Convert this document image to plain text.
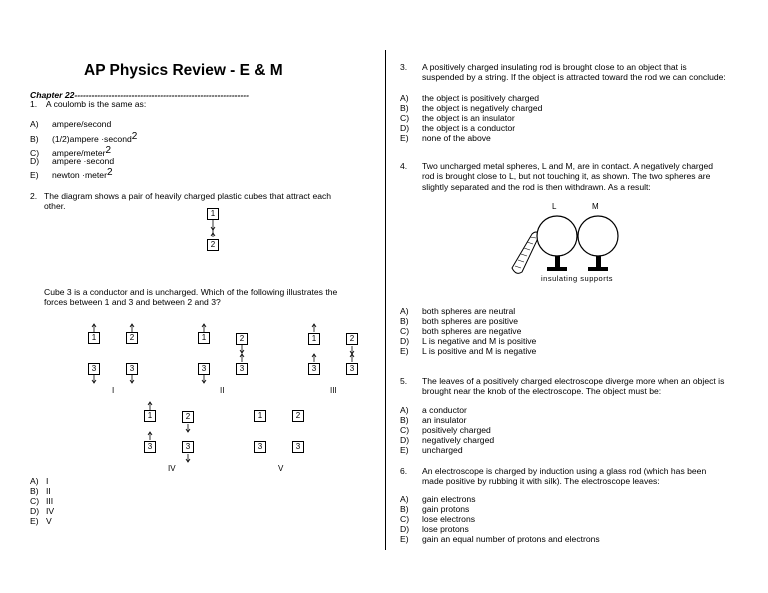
AP Physics Review - E & M
Chapter 22-------------------------------------------------------------
1. A coulomb is the same as:
A) ampere/second
B) (1/2)ampere ·second$^2$
C) ampere/meter$^2$
D) ampere ·second
E) newton ·meter$^2$
2. The diagram shows a pair of heavily charged plastic cubes that attract each
other.
1
2
Cube 3 is a conductor and is uncharged. Which of the following illustrates the
forces between 1 and 3 and between 2 and 3?
1	2
3	3
I
1	2
3	3
II
1	2
3	3
III
1	2
3	3
IV
1	2
3	3
V
A) I
B) II
C) III
D) IV
E) V
3. A positively charged insulating rod is brought close to an object that is
suspended by a string. If the object is attracted toward the rod we can conclude:
A) the object is positively charged
B) the object is negatively charged
C) the object is an insulator
D) the object is a conductor
E) none of the above
4. Two uncharged metal spheres, L and M, are in contact. A negatively charged
rod is brought close to L, but not touching it, as shown. The two spheres are
slightly separated and the rod is then withdrawn. As a result:
L	M
insulating supports
A) both spheres are neutral
B) both spheres are positive
C) both spheres are negative
D) L is negative and M is positive
E) L is positive and M is negative
5. The leaves of a positively charged electroscope diverge more when an object is
brought near the knob of the electroscope. The object must be:
A) a conductor
B) an insulator
C) positively charged
D) negatively charged
E) uncharged
6. An electroscope is charged by induction using a glass rod (which has been
made positive by rubbing it with silk). The electroscope leaves:
A) gain electrons
B) gain protons
C) lose electrons
D) lose protons
E) gain an equal number of protons and electrons
